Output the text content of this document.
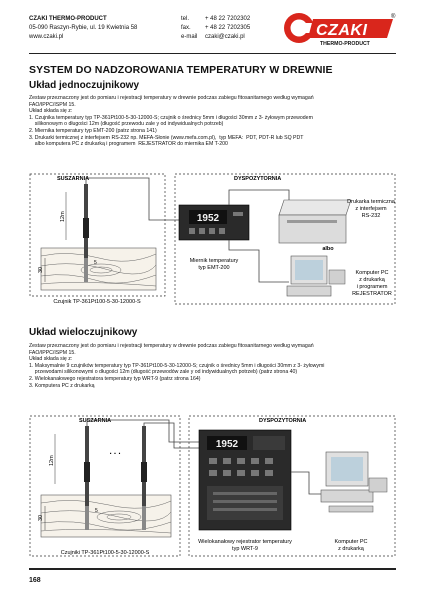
CZAKI THERMO-PRODUCT
05-090 Raszyn-Rybie, ul. 19 Kwietnia 58
www.czaki.pl
tel.	+ 48 22 7202302
fax. + 48 22 7202305
e-mail czaki@czaki.pl	CZAKI
THERMO-PRODUCT
®
SYSTEM DO NADZOROWANIA TEMPERATURY W DREWNIE
Układ jednoczujnikowy
Zestaw przeznaczony jest do pomiaru i rejestracji temperatury w drewnie podczas zabiegu fitosanitarnego według wymagań
FAO/IPPC/ISPM 15.
Układ składa się z:
1. Czujnika temperatury typ TP-361Pt100-5-30-12000-S; czujnik o średnicy 5mm i długości 30mm z 3- żyłowym przewodem
silikonowym o długości 12m (długość przewodu zale y od indywidualnych potrzeb)
2. Miernika temperatury typ EMT-200 (patrz strona 141)
3. Drukarki termicznej z interfejsem RS-232 np. MEFA-Słonie (www.mefa.com.pl),  typ MEFA:  PDT, PDT-R lub SQ PDT
albo komputera PC z drukarką i programem  REJESTRATOR do miernika EM T-200
SUSZARNIA	DYSPOZYTORNIA
12m
30
5
Czujnik TP-361Pt100-5-30-12000-S
1952
Miernik temperatury
typ EMT-200
Drukarka termiczna
z interfejsem
RS-232
albo
Komputer PC
z drukarką
i programem
REJESTRATOR
Układ wieloczujnikowy
Zestaw przeznaczony jest do pomiaru i rejestracji temperatury w drewnie podczas zabiegu fitosanitarnego według wymagań
FAO/IPPC/ISPM 15.
Układ składa się z:
1. Maksymalnie 9 czujników temperatury typ TP-361Pt100-5-30-12000-S; czujnik o średnicy 5mm i długości 30mm z 3- żyłowymi
przewodami silikonowymi o długości 12m (długość przewodów zale y od indywidualnych potrzeb) (patrz strona 40)
2. Wielokanałowego rejestratora temperatury typ WRT-9 (patrz strona 164)
3. Komputera PC z drukarką
SUSZARNIA	DYSPOZYTORNIA
. . .
12m
30
5
Czujniki TP-361Pt100-5-30-12000-S
1952
Wielokanałowy rejestrator temperatury
typ WRT-9
Komputer PC
z drukarką
168
